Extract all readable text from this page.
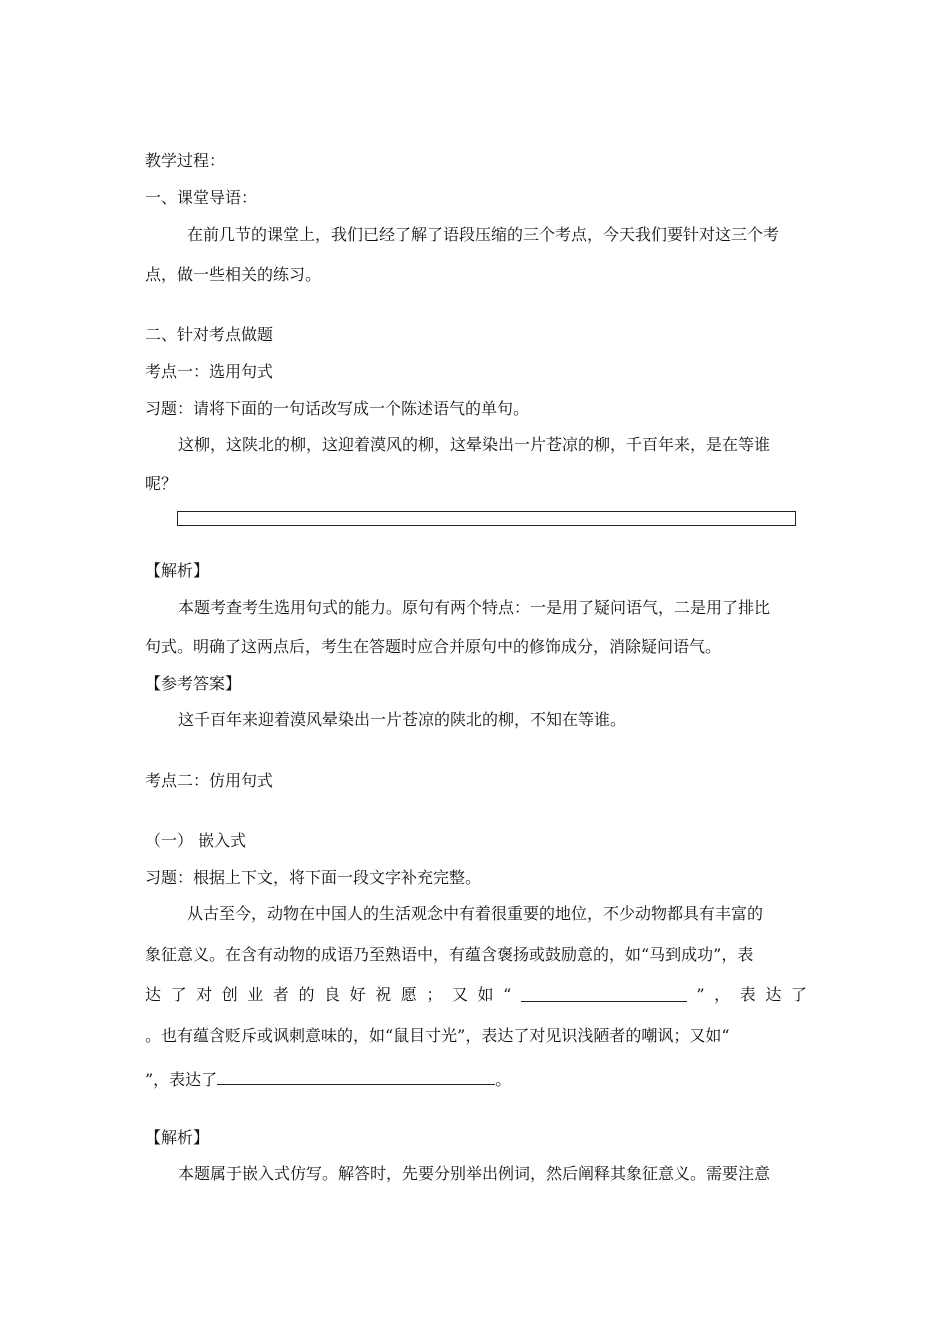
教学过程：
一、课堂导语：
在前几节的课堂上，我们已经了解了语段压缩的三个考点，今天我们要针对这三个考
点，做一些相关的练习。
二、针对考点做题
考点一：选用句式
习题：请将下面的一句话改写成一个陈述语气的单句。
这柳，这陕北的柳，这迎着漠风的柳，这晕染出一片苍凉的柳，千百年来，是在等谁
呢？
【解析】
本题考查考生选用句式的能力。原句有两个特点：一是用了疑问语气，二是用了排比
句式。明确了这两点后，考生在答题时应合并原句中的修饰成分，消除疑问语气。
【参考答案】
这千百年来迎着漠风晕染出一片苍凉的陕北的柳，不知在等谁。
考点二：仿用句式
（一） 嵌入式
习题：根据上下文，将下面一段文字补充完整。
从古至今，动物在中国人的生活观念中有着很重要的地位，不少动物都具有丰富的
象征意义。在含有动物的成语乃至熟语中，有蕴含褒扬或鼓励意的，如“马到成功”，表
达 了 对 创 业 者 的 良 好 祝 愿 ； 又 如 “	” ， 表 达 了
。也有蕴含贬斥或讽刺意味的，如“鼠目寸光”，表达了对见识浅陋者的嘲讽；又如“
”，表达了	。
【解析】
本题属于嵌入式仿写。解答时，先要分别举出例词，然后阐释其象征意义。需要注意
